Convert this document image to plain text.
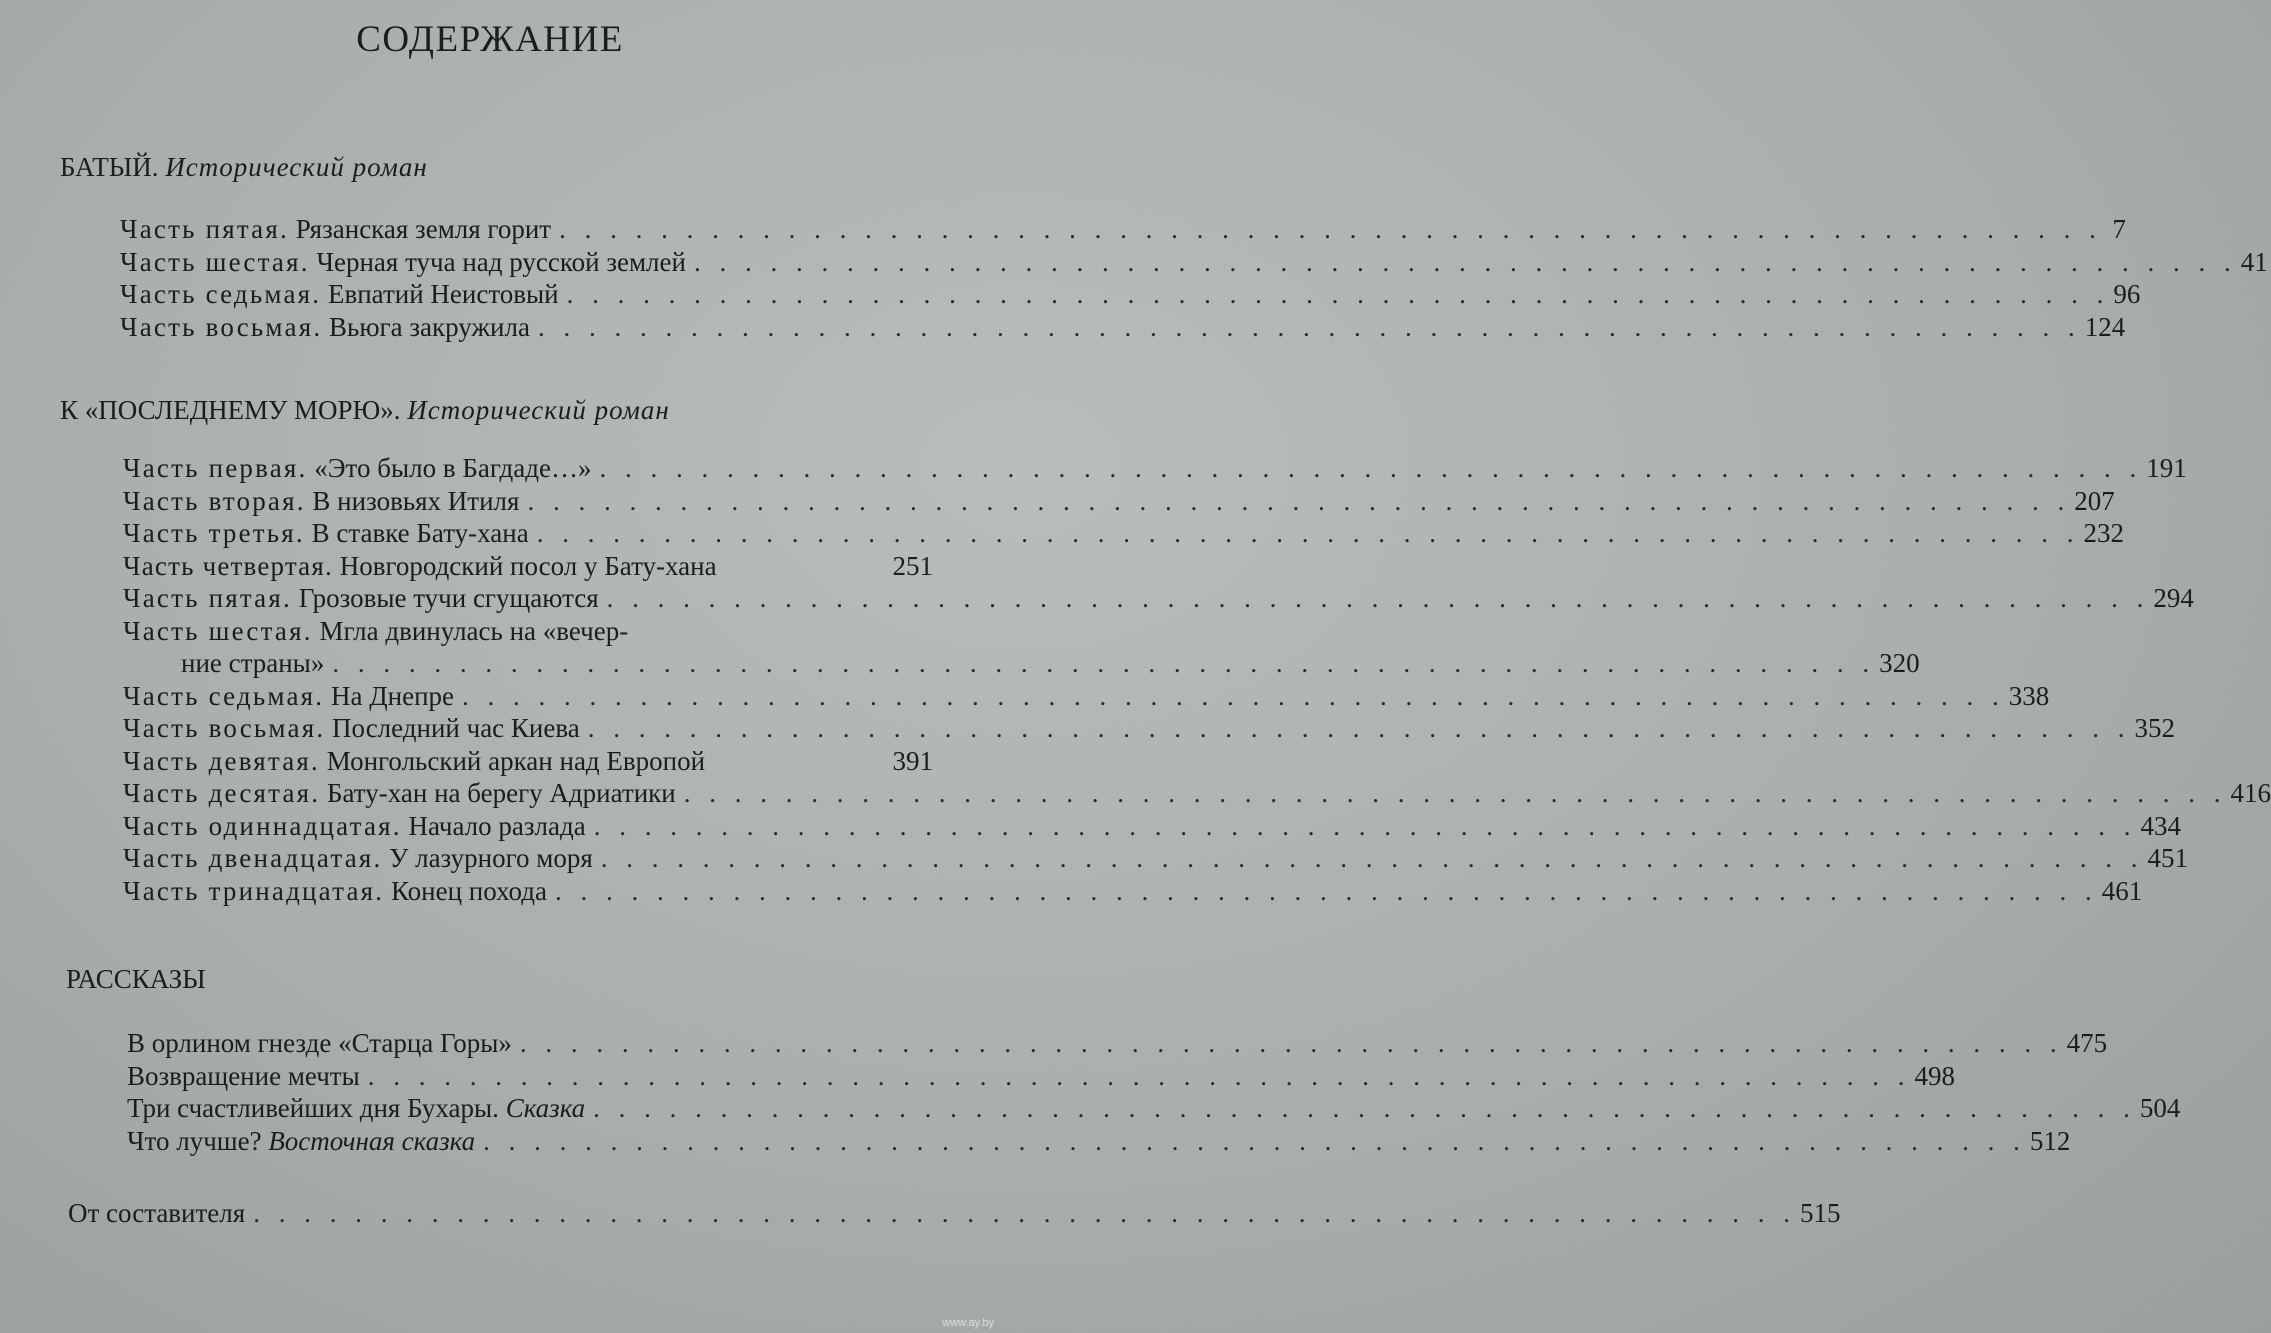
СОДЕРЖАНИЕ
БАТЫЙ. Исторический роман
Часть пятая. Рязанская земля горит . . . . . . . . . . . . . . . . . . . . . . . . . . . . . . . . . . . . . . . . . . . . . . . . . . . . . . . . . . . . . 7
Часть шестая. Черная туча над русской землей . . . . . . . . . . . . . . . . . . . . . . . . . . . . . . . . . . . . . . . . . . . . . . . . . . . . . . . . . . . . . 41
Часть седьмая. Евпатий Неистовый . . . . . . . . . . . . . . . . . . . . . . . . . . . . . . . . . . . . . . . . . . . . . . . . . . . . . . . . . . . . . 96
Часть восьмая. Вьюга закружила . . . . . . . . . . . . . . . . . . . . . . . . . . . . . . . . . . . . . . . . . . . . . . . . . . . . . . . . . . . . . 124
К «ПОСЛЕДНЕМУ МОРЮ». Исторический роман
Часть первая. «Это было в Багдаде…» . . . . . . . . . . . . . . . . . . . . . . . . . . . . . . . . . . . . . . . . . . . . . . . . . . . . . . . . . . . . . 191
Часть вторая. В низовьях Итиля . . . . . . . . . . . . . . . . . . . . . . . . . . . . . . . . . . . . . . . . . . . . . . . . . . . . . . . . . . . . . 207
Часть третья. В ставке Бату-хана . . . . . . . . . . . . . . . . . . . . . . . . . . . . . . . . . . . . . . . . . . . . . . . . . . . . . . . . . . . . . 232
Часть четвертая. Новгородский посол у Бату-хана	251
Часть пятая. Грозовые тучи сгущаются . . . . . . . . . . . . . . . . . . . . . . . . . . . . . . . . . . . . . . . . . . . . . . . . . . . . . . . . . . . . . 294
Часть шестая. Мгла двинулась на «вечер-
ние страны» . . . . . . . . . . . . . . . . . . . . . . . . . . . . . . . . . . . . . . . . . . . . . . . . . . . . . . . . . . . . . 320
Часть седьмая. На Днепре . . . . . . . . . . . . . . . . . . . . . . . . . . . . . . . . . . . . . . . . . . . . . . . . . . . . . . . . . . . . . 338
Часть восьмая. Последний час Киева . . . . . . . . . . . . . . . . . . . . . . . . . . . . . . . . . . . . . . . . . . . . . . . . . . . . . . . . . . . . . 352
Часть девятая. Монгольский аркан над Европой	391
Часть десятая. Бату-хан на берегу Адриатики . . . . . . . . . . . . . . . . . . . . . . . . . . . . . . . . . . . . . . . . . . . . . . . . . . . . . . . . . . . . . 416
Часть одиннадцатая. Начало разлада . . . . . . . . . . . . . . . . . . . . . . . . . . . . . . . . . . . . . . . . . . . . . . . . . . . . . . . . . . . . . 434
Часть двенадцатая. У лазурного моря . . . . . . . . . . . . . . . . . . . . . . . . . . . . . . . . . . . . . . . . . . . . . . . . . . . . . . . . . . . . . 451
Часть тринадцатая. Конец похода . . . . . . . . . . . . . . . . . . . . . . . . . . . . . . . . . . . . . . . . . . . . . . . . . . . . . . . . . . . . . 461
РАССКАЗЫ
В орлином гнезде «Старца Горы» . . . . . . . . . . . . . . . . . . . . . . . . . . . . . . . . . . . . . . . . . . . . . . . . . . . . . . . . . . . . . 475
Возвращение мечты . . . . . . . . . . . . . . . . . . . . . . . . . . . . . . . . . . . . . . . . . . . . . . . . . . . . . . . . . . . . . 498
Три счастливейших дня Бухары. Сказка . . . . . . . . . . . . . . . . . . . . . . . . . . . . . . . . . . . . . . . . . . . . . . . . . . . . . . . . . . . . . 504
Что лучше? Восточная сказка . . . . . . . . . . . . . . . . . . . . . . . . . . . . . . . . . . . . . . . . . . . . . . . . . . . . . . . . . . . . . 512
От составителя . . . . . . . . . . . . . . . . . . . . . . . . . . . . . . . . . . . . . . . . . . . . . . . . . . . . . . . . . . . . . 515
www.ay.by
